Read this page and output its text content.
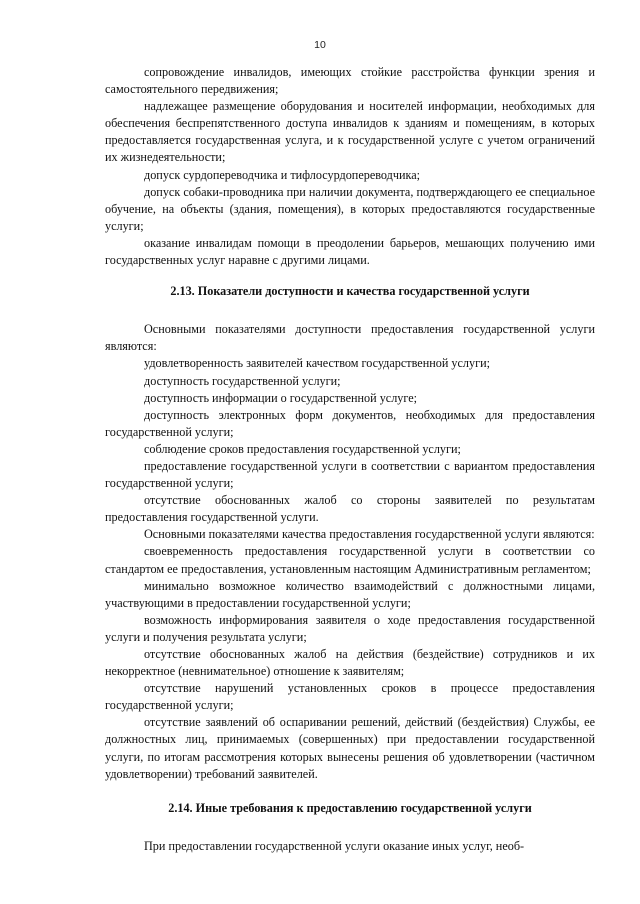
10

сопровождение инвалидов, имеющих стойкие расстройства функции зрения и самостоятельного передвижения;

надлежащее размещение оборудования и носителей информации, необходимых для обеспечения беспрепятственного доступа инвалидов к зданиям и помещениям, в которых предоставляется государственная услуга, и к государственной услуге с учетом ограничений их жизнедеятельности;

допуск сурдопереводчика и тифлосурдопереводчика;

допуск собаки-проводника при наличии документа, подтверждающего ее специальное обучение, на объекты (здания, помещения), в которых предоставляются государственные услуги;

оказание инвалидам помощи в преодолении барьеров, мешающих получению ими государственных услуг наравне с другими лицами.

2.13. Показатели доступности и качества государственной услуги

Основными показателями доступности предоставления государственной услуги являются:

удовлетворенность заявителей качеством государственной услуги;

доступность государственной услуги;

доступность информации о государственной услуге;

доступность электронных форм документов, необходимых для предоставления государственной услуги;

соблюдение сроков предоставления государственной услуги;

предоставление государственной услуги в соответствии с вариантом предоставления государственной услуги;

отсутствие обоснованных жалоб со стороны заявителей по результатам предоставления государственной услуги.

Основными показателями качества предоставления государственной услуги являются:

своевременность предоставления государственной услуги в соответствии со стандартом ее предоставления, установленным настоящим Административным регламентом;

минимально возможное количество взаимодействий с должностными лицами, участвующими в предоставлении государственной услуги;

возможность информирования заявителя о ходе предоставления государственной услуги и получения результата услуги;

отсутствие обоснованных жалоб на действия (бездействие) сотрудников и их некорректное (невнимательное) отношение к заявителям;

отсутствие нарушений установленных сроков в процессе предоставления государственной услуги;

отсутствие заявлений об оспаривании решений, действий (бездействия) Службы, ее должностных лиц, принимаемых (совершенных) при предоставлении государственной услуги, по итогам рассмотрения которых вынесены решения об удовлетворении (частичном удовлетворении) требований заявителей.

2.14. Иные требования к предоставлению государственной услуги

При предоставлении государственной услуги оказание иных услуг, необ-
